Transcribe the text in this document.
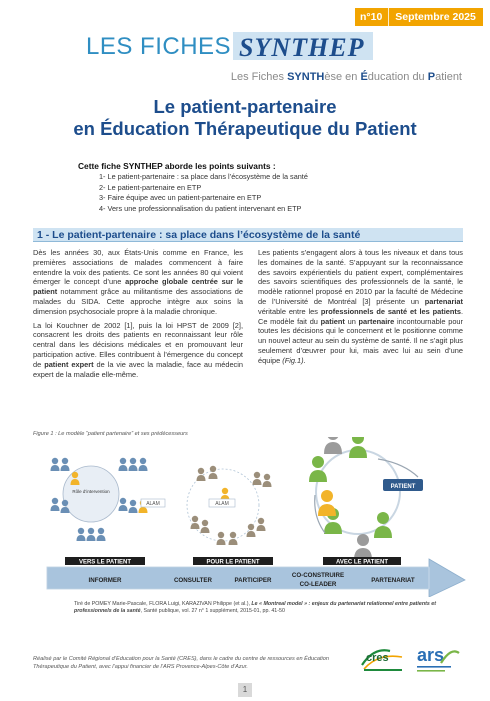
n°10	Septembre 2025
LES FICHES SYNTHEP
Les Fiches SYNTHèse en Éducation du Patient
Le patient-partenaire
en Éducation Thérapeutique du Patient
Cette fiche SYNTHEP aborde les points suivants :
1- Le patient-partenaire : sa place dans l’écosystème de la santé
2- Le patient-partenaire en ETP
3- Faire équipe avec un patient-partenaire en ETP
4- Vers une professionnalisation du patient intervenant en ETP
1 - Le patient-partenaire : sa place dans l’écosystème de la santé

Dès les années 30, aux États-Unis comme en France, les premières associations de malades commencent à faire entendre la voix des patients. Ce sont les années 80 qui voient émerger le concept d’une approche globale centrée sur le patient notamment grâce au militantisme des associations de malades du SIDA. Cette approche intègre aux soins la dimension psychosociale propre à la maladie chronique.

La loi Kouchner de 2002 [1], puis la loi HPST de 2009 [2], consacrent les droits des patients en reconnaissant leur rôle central dans les décisions médicales et en promouvant leur participation active. Elles contribuent à l’émergence du concept de patient expert de la vie avec la maladie, face au médecin expert de la maladie elle-même.

Les patients s’engagent alors à tous les niveaux et dans tous les domaines de la santé. S’appuyant sur la reconnaissance des savoirs expérientiels du patient expert, complémentaires des savoirs scientifiques des professionnels de la santé, le modèle rationnel proposé en 2010 par la faculté de Médecine de l’Université de Montréal [3] présente un partenariat véritable entre les professionnels de santé et les patients. Ce modèle fait du patient un partenaire incontournable pour toutes les décisions qui le concernent et le positionne comme un nouvel acteur au sein du système de santé. Il ne s’agit plus seulement d’œuvrer pour lui, mais avec lui au sein d’une équipe (Fig.1).

Figure 1 : Le modèle “patient partenaire” et ses prédécesseurs
Rôle d’intervention
ALAM	ALAM
PATIENT
VERS LE PATIENT	POUR LE PATIENT	AVEC LE PATIENT
INFORMER	CONSULTER	PARTICIPER
CO-CONSTRUIRE
CO-LEADER
PARTENARIAT
Tiré de POMEY Marie-Pascale, FLORA Luigi, KARAZIVAN Philippe (et al.), Le « Montreal model » : enjeux du partenariat relationnel entre patients et professionnels de la santé, Santé publique, vol. 27 n° 1 supplément, 2015-01, pp. 41-50
Réalisé par le Comité Régional d’Education pour la Santé (CRES), dans le cadre du centre de ressources en Éducation Thérapeutique du Patient, avec l’appui financier de l’ARS Provence-Alpes-Côte d’Azur.
cres ars
1
